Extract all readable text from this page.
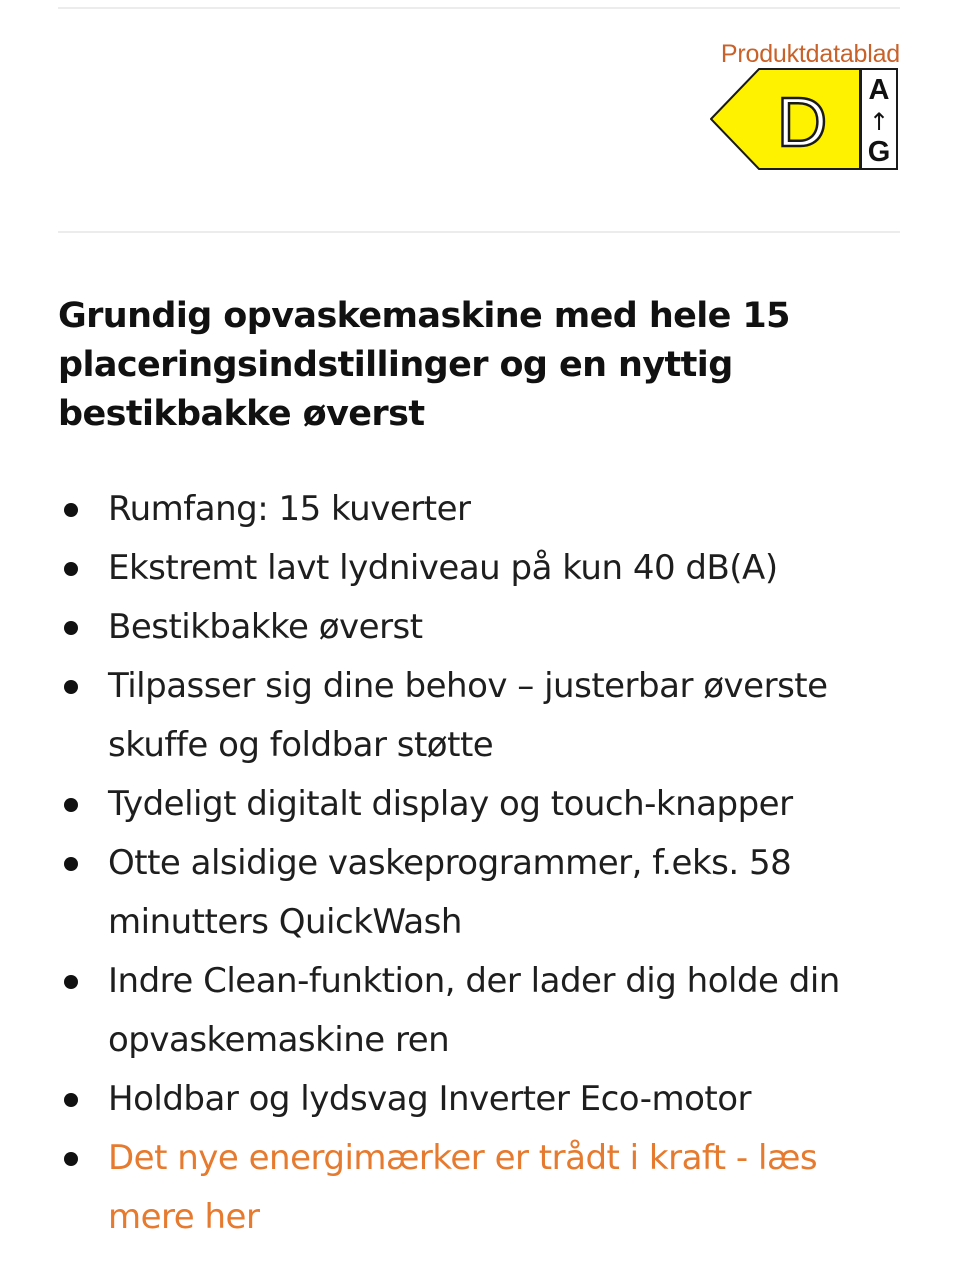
Produktdatablad
D A
↑
G
Grundig opvaskemaskine med hele 15 placeringsindstillinger og en nyttig bestikbakke øverst
Rumfang: 15 kuverter
Ekstremt lavt lydniveau på kun 40 dB(A)
Bestikbakke øverst
Tilpasser sig dine behov – justerbar øverste skuffe og foldbar støtte
Tydeligt digitalt display og touch-knapper
Otte alsidige vaskeprogrammer, f.eks. 58 minutters QuickWash
Indre Clean-funktion, der lader dig holde din opvaskemaskine ren
Holdbar og lydsvag Inverter Eco-motor
Det nye energimærker er trådt i kraft - læs mere her
